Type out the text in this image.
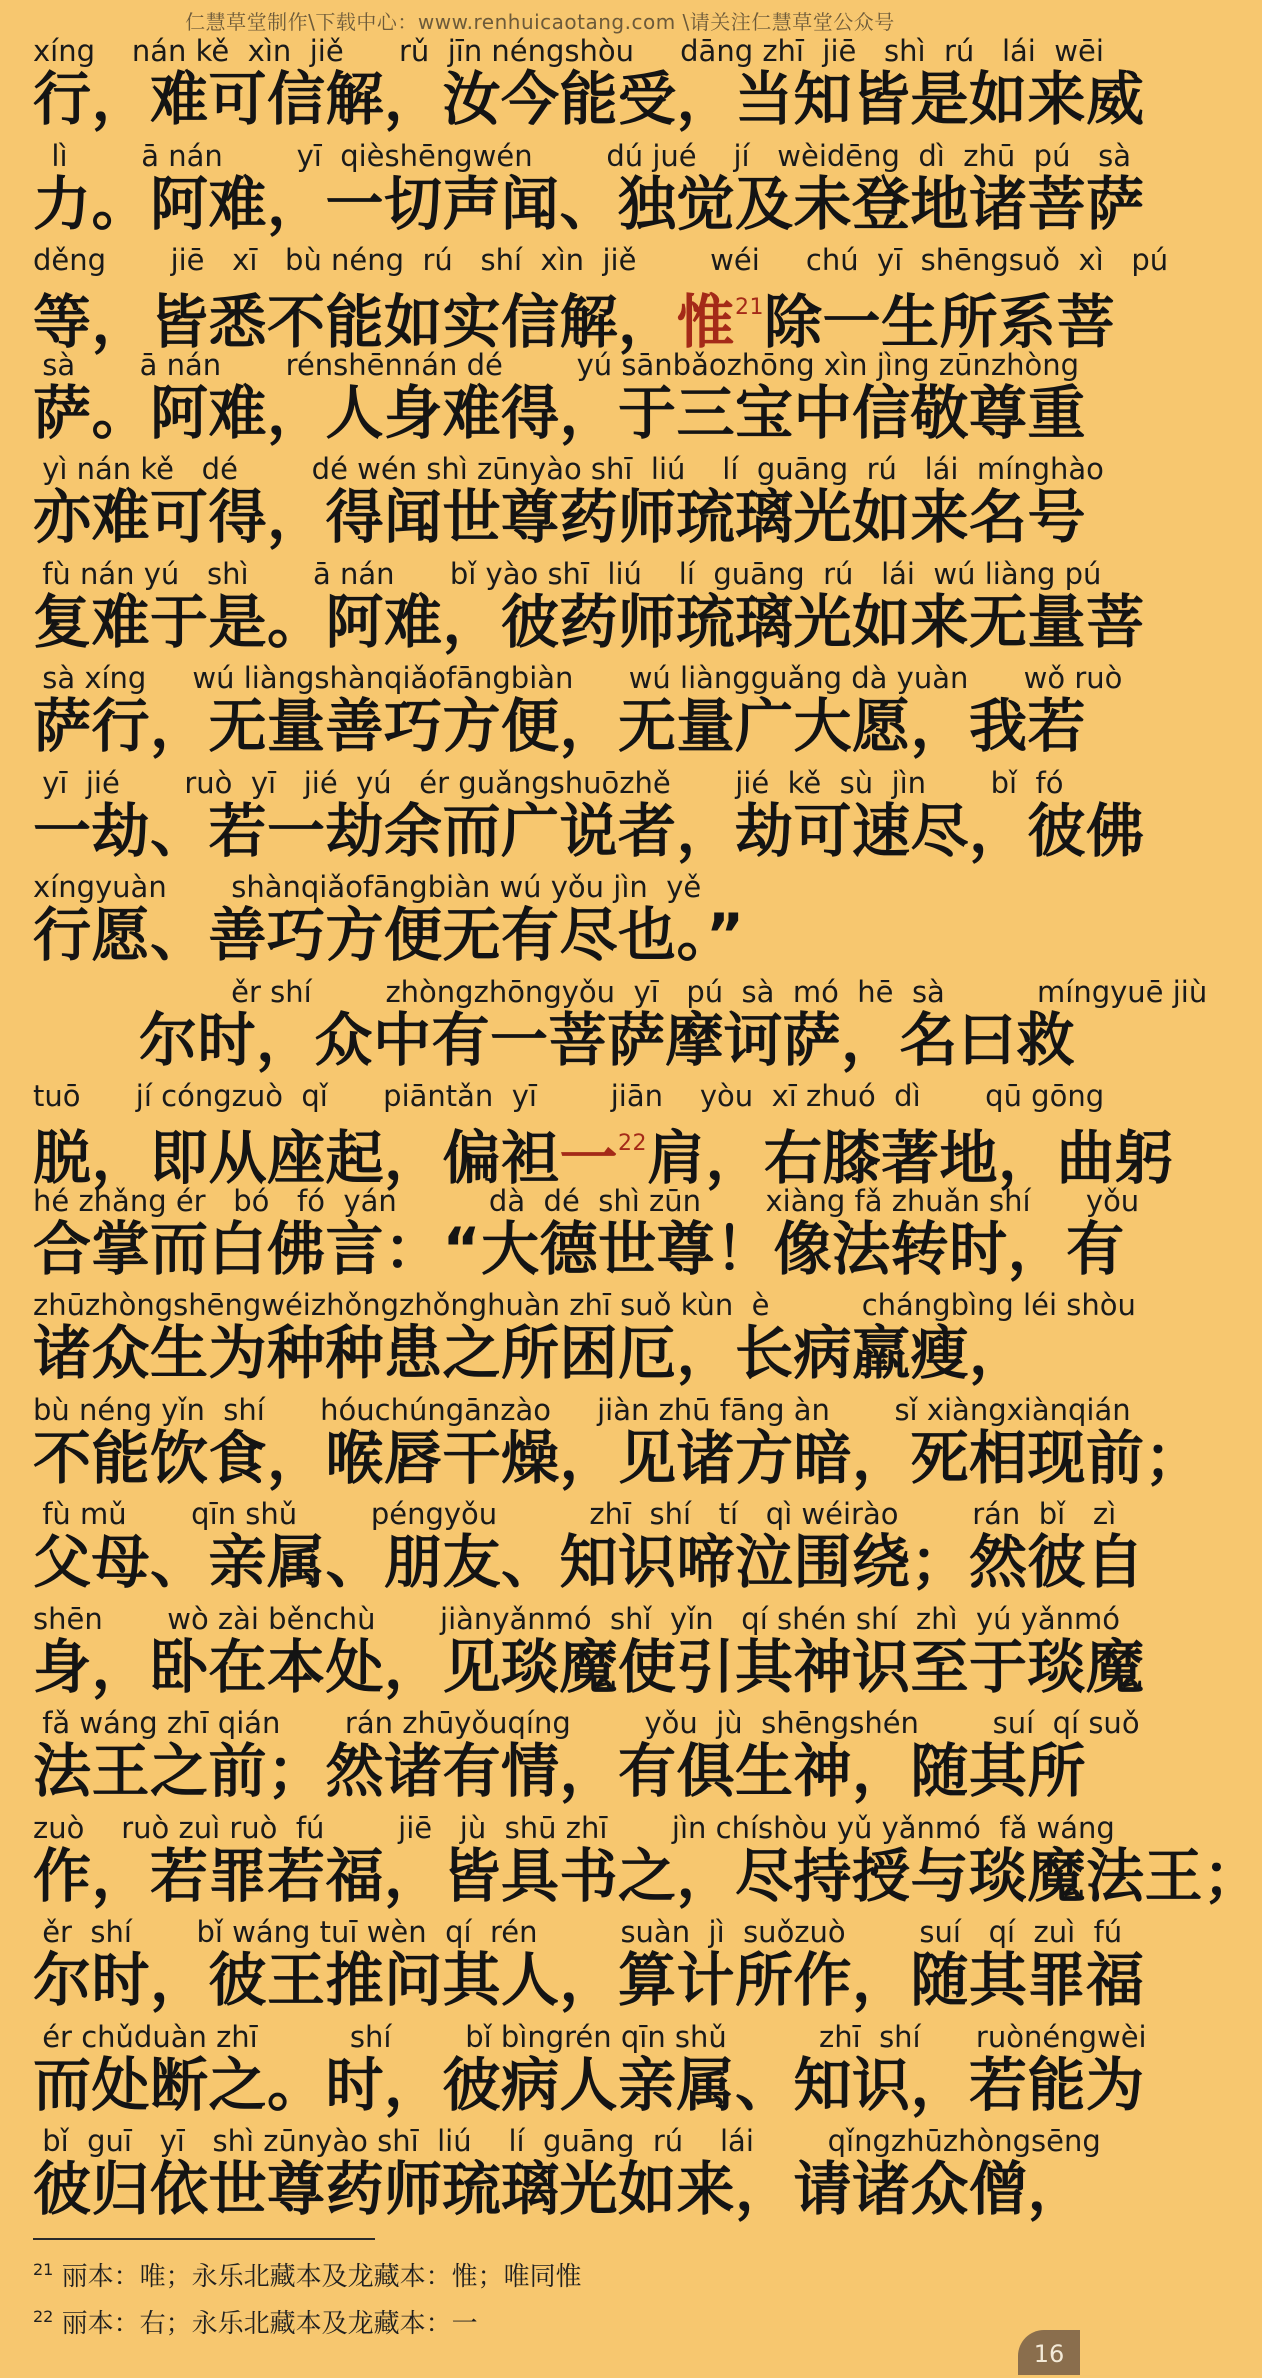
仁慧草堂制作\下载中心：www.renhuicaotang.com \请关注仁慧草堂公众号
xíng    nán kě  xìn  jiě      rǔ  jīn néngshòu     dāng zhī  jiē   shì  rú   lái  wēi
行，难可信解，汝今能受，当知皆是如来威
lì        ā nán        yī  qièshēngwén        dú jué    jí   wèidēng  dì  zhū  pú   sà
力。阿难，一切声闻、独觉及未登地诸菩萨
děng       jiē   xī   bù néng  rú   shí  xìn  jiě        wéi     chú  yī  shēngsuǒ  xì   pú
等，皆悉不能如实信解，惟$^{21}$除一生所系菩
sà       ā nán       rénshēnnán dé        yú sānbǎozhōng xìn jìng zūnzhòng
萨。阿难，人身难得，于三宝中信敬尊重
yì nán kě   dé        dé wén shì zūnyào shī  liú    lí  guāng  rú   lái  mínghào
亦难可得，得闻世尊药师琉璃光如来名号
fù nán yú   shì       ā nán      bǐ yào shī  liú    lí  guāng  rú   lái  wú liàng pú
复难于是。阿难，彼药师琉璃光如来无量菩
sà xíng     wú liàngshànqiǎofāngbiàn      wú liàngguǎng dà yuàn      wǒ ruò
萨行，无量善巧方便，无量广大愿，我若
yī  jié       ruò  yī   jié  yú   ér guǎngshuōzhě       jié  kě  sù  jìn       bǐ  fó
一劫、若一劫余而广说者，劫可速尽，彼佛
xíngyuàn       shànqiǎofāngbiàn wú yǒu jìn  yě
行愿、善巧方便无有尽也。”
ěr shí        zhòngzhōngyǒu  yī   pú  sà  mó  hē  sà          míngyuē jiù
尔时，众中有一菩萨摩诃萨，名曰救
tuō      jí cóngzuò  qǐ      piāntǎn  yī        jiān    yòu  xī zhuó  dì       qū gōng
脱，即从座起，偏袒一$^{22}$肩，右膝著地，曲躬
hé zhǎng ér   bó   fó  yán          dà  dé  shì zūn       xiàng fǎ zhuǎn shí      yǒu
合掌而白佛言：“大德世尊！像法转时，有
zhūzhòngshēngwéizhǒngzhǒnghuàn zhī suǒ kùn  è          chángbìng léi shòu
诸众生为种种患之所困厄，长病羸瘦，
bù néng yǐn  shí      hóuchúngānzào     jiàn zhū fāng àn       sǐ xiàngxiànqián
不能饮食，喉唇干燥，见诸方暗，死相现前；
fù mǔ       qīn shǔ        péngyǒu          zhī  shí   tí   qì wéirào        rán  bǐ   zì
父母、亲属、朋友、知识啼泣围绕；然彼自
shēn       wò zài běnchù       jiànyǎnmó  shǐ  yǐn   qí shén shí  zhì  yú yǎnmó
身，卧在本处，见琰魔使引其神识至于琰魔
fǎ wáng zhī qián       rán zhūyǒuqíng        yǒu  jù  shēngshén        suí  qí suǒ
法王之前；然诸有情，有俱生神，随其所
zuò    ruò zuì ruò  fú        jiē   jù  shū zhī       jìn chíshòu yǔ yǎnmó  fǎ wáng
作，若罪若福，皆具书之，尽持授与琰魔法王；
ěr  shí       bǐ wáng tuī wèn  qí  rén         suàn  jì  suǒzuò        suí   qí  zuì  fú
尔时，彼王推问其人，算计所作，随其罪福
ér chǔduàn zhī          shí        bǐ bìngrén qīn shǔ          zhī  shí      ruònéngwèi
而处断之。时，彼病人亲属、知识，若能为
bǐ  guī   yī   shì zūnyào shī  liú    lí  guāng  rú    lái        qǐngzhūzhòngsēng
彼归依世尊药师琉璃光如来，请诸众僧，
$^{21}$ 丽本：唯；永乐北藏本及龙藏本：惟；唯同惟
$^{22}$ 丽本：右；永乐北藏本及龙藏本：一
16
